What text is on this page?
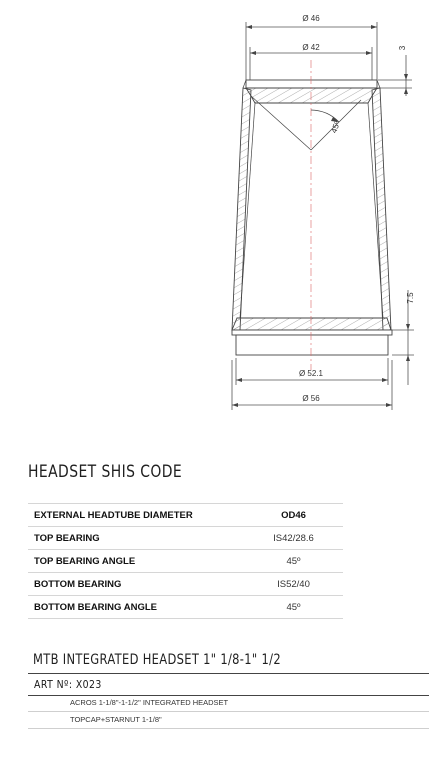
Ø 46
Ø 42	3
45º
7.5
Ø 52.1
Ø 56
HEADSET SHIS CODE
EXTERNAL HEADTUBE DIAMETER	OD46
TOP BEARING	IS42/28.6
TOP BEARING ANGLE	45º
BOTTOM BEARING	IS52/40
BOTTOM BEARING ANGLE	45º
MTB INTEGRATED HEADSET 1" 1/8-1" 1/2
ART Nº: X023
ACROS 1-1/8"-1-1/2" INTEGRATED HEADSET
TOPCAP+STARNUT 1-1/8"
